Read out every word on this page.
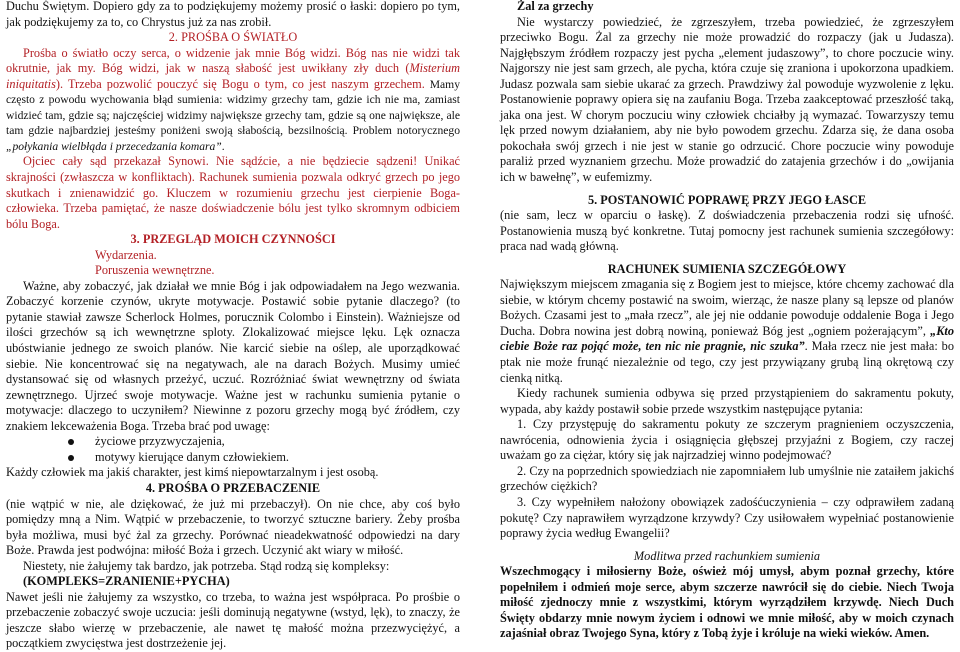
Duchu Świętym. Dopiero gdy za to podziękujemy możemy prosić o łaski: dopiero po tym, jak podziękujemy za to, co Chrystus już za nas zrobił.

2. PROŚBA O ŚWIATŁO

Prośba o światło oczy serca, o widzenie jak mnie Bóg widzi. Bóg nas nie widzi tak okrutnie, jak my. Bóg widzi, jak w naszą słabość jest uwikłany zły duch (Misterium iniquitatis). Trzeba pozwolić pouczyć się Bogu o tym, co jest naszym grzechem. Mamy często z powodu wychowania błąd sumienia: widzimy grzechy tam, gdzie ich nie ma, zamiast widzieć tam, gdzie są; najczęściej widzimy największe grzechy tam, gdzie są one największe, ale tam gdzie najbardziej jesteśmy poniżeni swoją słabością, bezsilnością. Problem notorycznego „połykania wielbłąda i przecedzania komara”.

Ojciec cały sąd przekazał Synowi. Nie sądźcie, a nie będziecie sądzeni! Unikać skrajności (zwłaszcza w konfliktach). Rachunek sumienia pozwala odkryć grzech po jego skutkach i znienawidzić go. Kluczem w rozumieniu grzechu jest cierpienie Boga-człowieka. Trzeba pamiętać, że nasze doświadczenie bólu jest tylko skromnym odbiciem bólu Boga.

3. PRZEGLĄD MOICH CZYNNOŚCI

Wydarzenia.

Poruszenia wewnętrzne.

Ważne, aby zobaczyć, jak działał we mnie Bóg i jak odpowiadałem na Jego wezwania. Zobaczyć korzenie czynów, ukryte motywacje. Postawić sobie pytanie dlaczego? (to pytanie stawiał zawsze Scherlock Holmes, porucznik Colombo i Einstein). Ważniejsze od ilości grzechów są ich wewnętrzne sploty. Zlokalizować miejsce lęku. Lęk oznacza ubóstwianie jednego ze swoich planów. Nie karcić siebie na oślep, ale uporządkować siebie. Nie koncentrować się na negatywach, ale na darach Bożych. Musimy umieć dystansować się od własnych przeżyć, uczuć. Rozróżniać świat wewnętrzny od świata zewnętrznego. Ujrzeć swoje motywacje. Ważne jest w rachunku sumienia pytanie o motywacje: dlaczego to uczyniłem? Niewinne z pozoru grzechy mogą być źródłem, czy znakiem lekceważenia Boga. Trzeba brać pod uwagę:

życiowe przyzwyczajenia,
motywy kierujące danym człowiekiem.

Każdy człowiek ma jakiś charakter, jest kimś niepowtarzalnym i jest osobą.

4. PROŚBA O PRZEBACZENIE

(nie wątpić w nie, ale dziękować, że już mi przebaczył). On nie chce, aby coś było pomiędzy mną a Nim. Wątpić w przebaczenie, to tworzyć sztuczne bariery. Żeby prośba była możliwa, musi być żal za grzechy. Porównać nieadekwatność odpowiedzi na dary Boże. Prawda jest podwójna: miłość Boża i grzech. Uczynić akt wiary w miłość.

Niestety, nie żałujemy tak bardzo, jak potrzeba. Stąd rodzą się kompleksy:

(KOMPLEKS=ZRANIENIE+PYCHA)

Nawet jeśli nie żałujemy za wszystko, co trzeba, to ważna jest współpraca. Po prośbie o przebaczenie zobaczyć swoje uczucia: jeśli dominują negatywne (wstyd, lęk), to znaczy, że jeszcze słabo wierzę w przebaczenie, ale nawet tę małość można przezwyciężyć, a początkiem zwycięstwa jest dostrzeżenie jej.

Żal za grzechy

Nie wystarczy powiedzieć, że zgrzeszyłem, trzeba powiedzieć, że zgrzeszyłem przeciwko Bogu. Żal za grzechy nie może prowadzić do rozpaczy (jak u Judasza). Najgłębszym źródłem rozpaczy jest pycha „element judaszowy”, to chore poczucie winy. Najgorszy nie jest sam grzech, ale pycha, która czuje się zraniona i upokorzona upadkiem. Judasz pozwala sam siebie ukarać za grzech. Prawdziwy żal powoduje wyzwolenie z lęku. Postanowienie poprawy opiera się na zaufaniu Boga. Trzeba zaakceptować przeszłość taką, jaka ona jest. W chorym poczuciu winy człowiek chciałby ją wymazać. Towarzyszy temu lęk przed nowym działaniem, aby nie było powodem grzechu. Zdarza się, że dana osoba pokochała swój grzech i nie jest w stanie go odrzucić. Chore poczucie winy powoduje paraliż przed wyznaniem grzechu. Może prowadzić do zatajenia grzechów i do „owijania ich w bawełnę”, w eufemizmy.

5. POSTANOWIĆ POPRAWĘ PRZY JEGO ŁASCE

(nie sam, lecz w oparciu o łaskę). Z doświadczenia przebaczenia rodzi się ufność. Postanowienia muszą być konkretne. Tutaj pomocny jest rachunek sumienia szczegółowy: praca nad wadą główną.

RACHUNEK SUMIENIA SZCZEGÓŁOWY

Największym miejscem zmagania się z Bogiem jest to miejsce, które chcemy zachować dla siebie, w którym chcemy postawić na swoim, wierząc, że nasze plany są lepsze od planów Bożych. Czasami jest to „mała rzecz”, ale jej nie oddanie powoduje oddalenie Boga i Jego Ducha. Dobra nowina jest dobrą nowiną, ponieważ Bóg jest „ogniem pożerającym”, „Kto ciebie Boże raz pojąć może, ten nic nie pragnie, nic szuka”. Mała rzecz nie jest mała: bo ptak nie może frunąć niezależnie od tego, czy jest przywiązany grubą liną okrętową czy cienką nitką.

Kiedy rachunek sumienia odbywa się przed przystąpieniem do sakramentu pokuty, wypada, aby każdy postawił sobie przede wszystkim następujące pytania:

1. Czy przystępuję do sakramentu pokuty ze szczerym pragnieniem oczyszczenia, nawrócenia, odnowienia życia i osiągnięcia głębszej przyjaźni z Bogiem, czy raczej uważam go za ciężar, który się jak najrzadziej winno podejmować?

2. Czy na poprzednich spowiedziach nie zapomniałem lub umyślnie nie zataiłem jakichś grzechów ciężkich?

3. Czy wypełniłem nałożony obowiązek zadośćuczynienia – czy odprawiłem zadaną pokutę? Czy naprawiłem wyrządzone krzywdy? Czy usiłowałem wypełniać postanowienie poprawy życia według Ewangelii?

Modlitwa przed rachunkiem sumienia

Wszechmogący i miłosierny Boże, ośwież mój umysł, abym poznał grzechy, które popełniłem i odmień moje serce, abym szczerze nawrócił się do ciebie. Niech Twoja miłość zjednoczy mnie z wszystkimi, którym wyrządziłem krzywdę. Niech Duch Święty obdarzy mnie nowym życiem i odnowi we mnie miłość, aby w moich czynach zajaśniał obraz Twojego Syna, który z Tobą żyje i króluje na wieki wieków. Amen.
